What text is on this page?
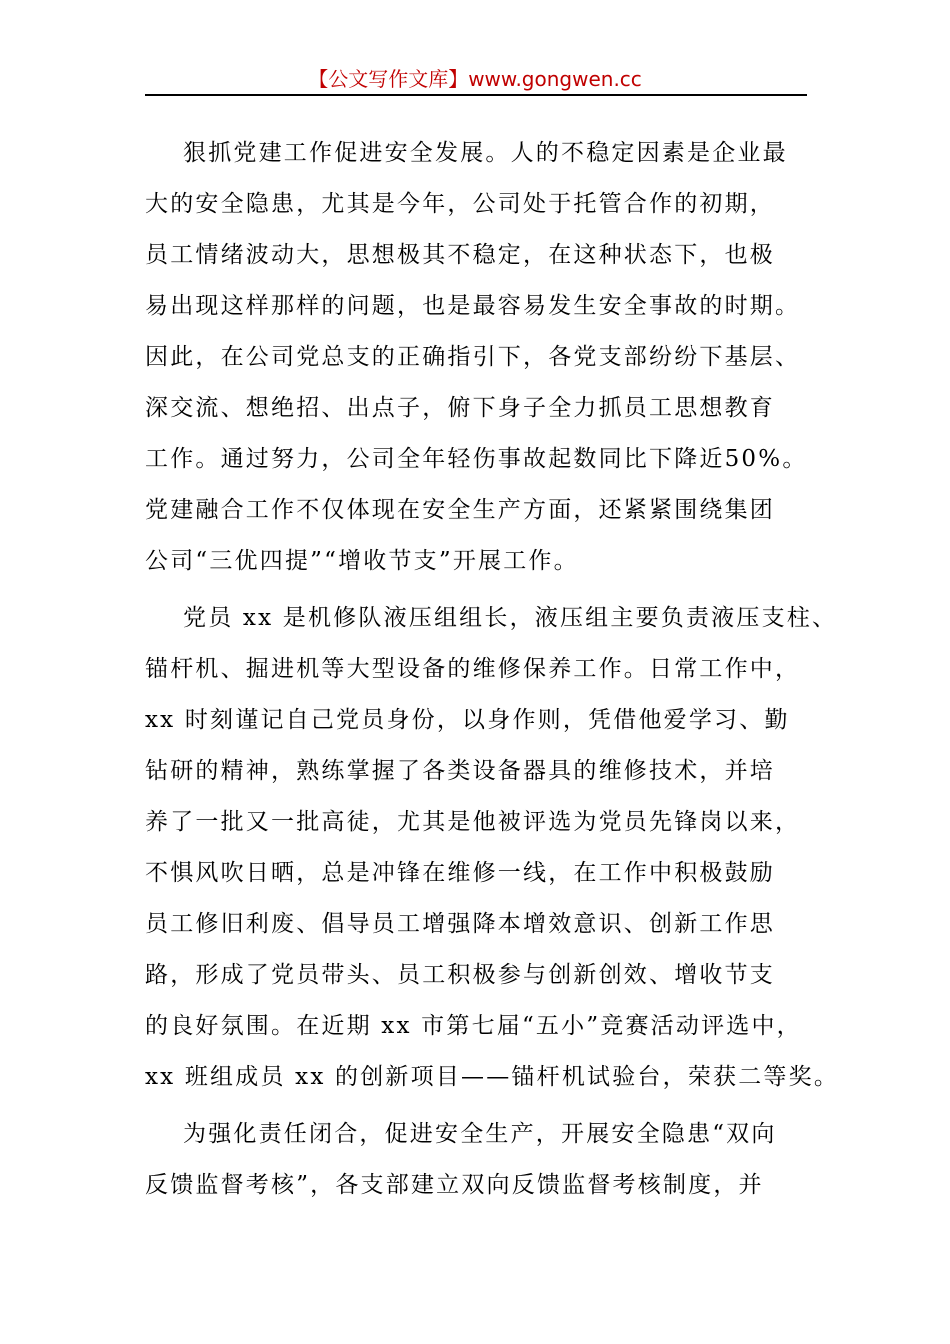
【公文写作文库】www.gongwen.cc
狠抓党建工作促进安全发展。人的不稳定因素是企业最
大的安全隐患，尤其是今年，公司处于托管合作的初期，
员工情绪波动大，思想极其不稳定，在这种状态下，也极
易出现这样那样的问题，也是最容易发生安全事故的时期。
因此，在公司党总支的正确指引下，各党支部纷纷下基层、
深交流、想绝招、出点子，俯下身子全力抓员工思想教育
工作。通过努力，公司全年轻伤事故起数同比下降近50%。
党建融合工作不仅体现在安全生产方面，还紧紧围绕集团
公司“三优四提”“增收节支”开展工作。
党员 xx 是机修队液压组组长，液压组主要负责液压支柱、
锚杆机、掘进机等大型设备的维修保养工作。日常工作中，
xx 时刻谨记自己党员身份，以身作则，凭借他爱学习、勤
钻研的精神，熟练掌握了各类设备器具的维修技术，并培
养了一批又一批高徒，尤其是他被评选为党员先锋岗以来，
不惧风吹日晒，总是冲锋在维修一线，在工作中积极鼓励
员工修旧利废、倡导员工增强降本增效意识、创新工作思
路，形成了党员带头、员工积极参与创新创效、增收节支
的良好氛围。在近期 xx 市第七届“五小”竞赛活动评选中，
xx 班组成员 xx 的创新项目——锚杆机试验台，荣获二等奖。
为强化责任闭合，促进安全生产，开展安全隐患“双向
反馈监督考核”，各支部建立双向反馈监督考核制度，并
